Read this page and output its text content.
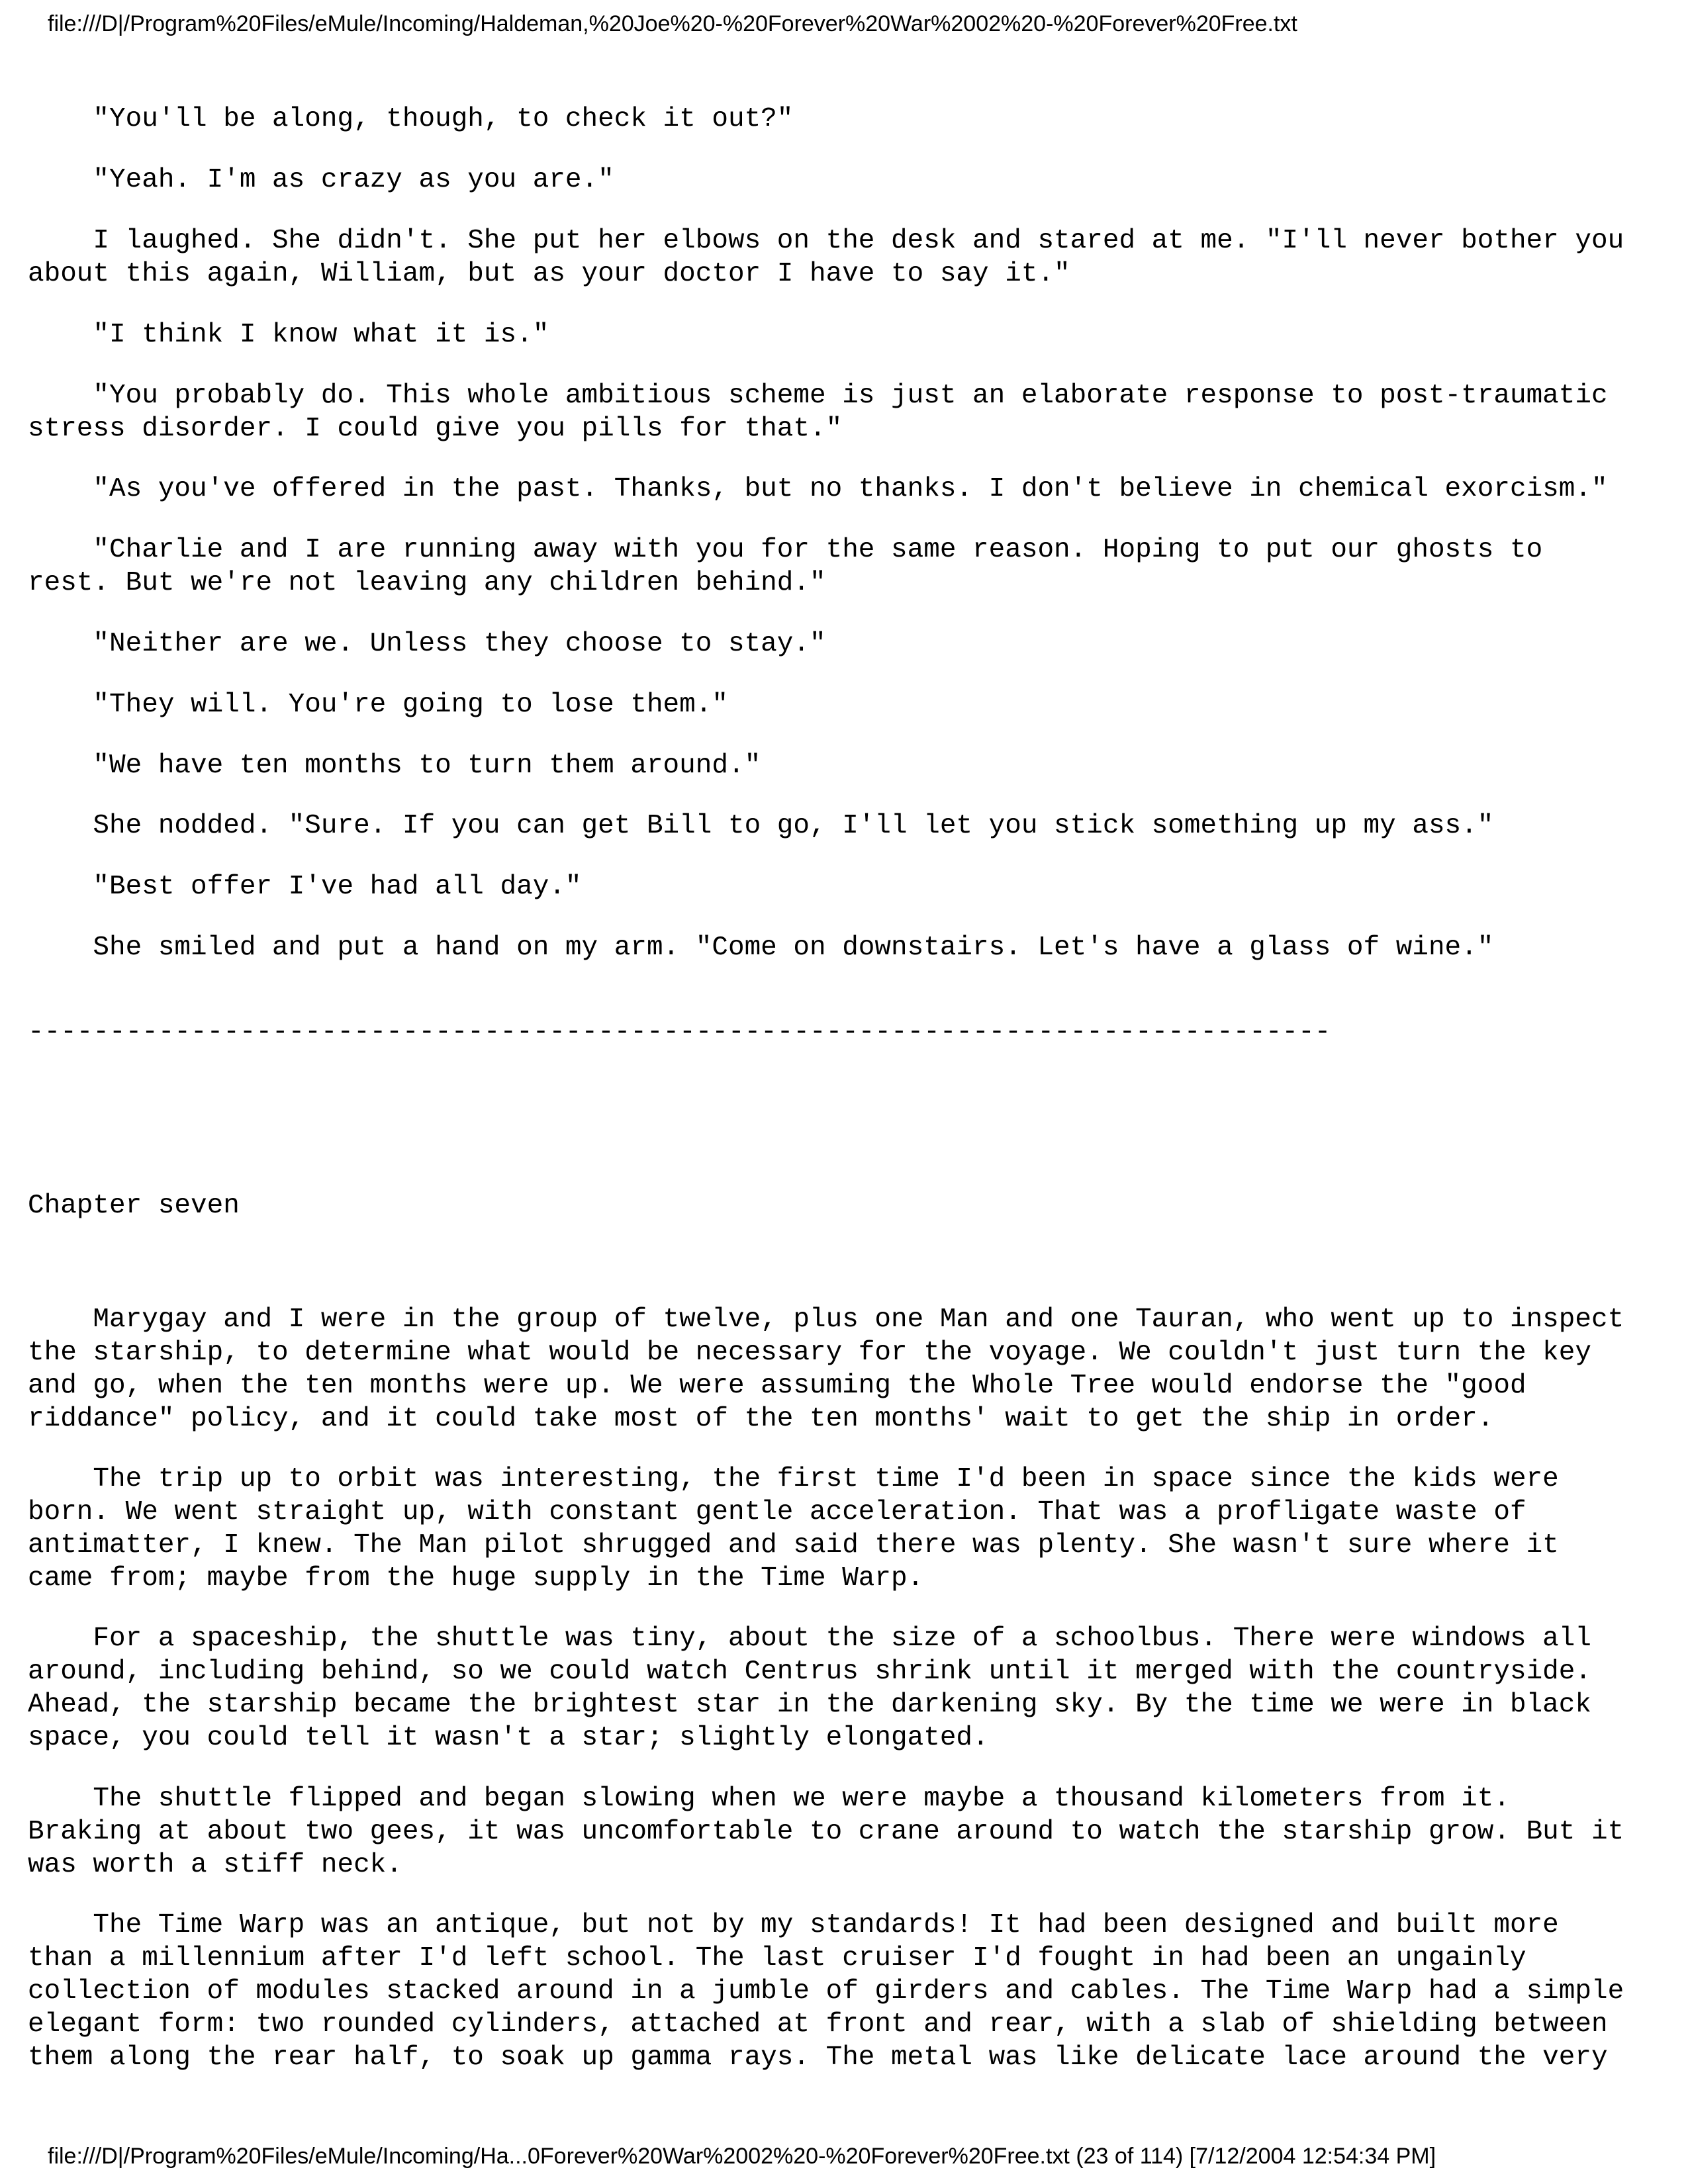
file:///D|/Program%20Files/eMule/Incoming/Haldeman,%20Joe%20-%20Forever%20War%2002%20-%20Forever%20Free.txt
"You'll be along, though, to check it out?"
"Yeah. I'm as crazy as you are."
I laughed. She didn't. She put her elbows on the desk and stared at me. "I'll never bother you
about this again, William, but as your doctor I have to say it."
"I think I know what it is."
"You probably do. This whole ambitious scheme is just an elaborate response to post-traumatic
stress disorder. I could give you pills for that."
"As you've offered in the past. Thanks, but no thanks. I don't believe in chemical exorcism."
"Charlie and I are running away with you for the same reason. Hoping to put our ghosts to
rest. But we're not leaving any children behind."
"Neither are we. Unless they choose to stay."
"They will. You're going to lose them."
"We have ten months to turn them around."
She nodded. "Sure. If you can get Bill to go, I'll let you stick something up my ass."
"Best offer I've had all day."
She smiled and put a hand on my arm. "Come on downstairs. Let's have a glass of wine."
--------------------------------------------------------------------------------
Chapter seven
Marygay and I were in the group of twelve, plus one Man and one Tauran, who went up to inspect
the starship, to determine what would be necessary for the voyage. We couldn't just turn the key
and go, when the ten months were up. We were assuming the Whole Tree would endorse the "good
riddance" policy, and it could take most of the ten months' wait to get the ship in order.
The trip up to orbit was interesting, the first time I'd been in space since the kids were
born. We went straight up, with constant gentle acceleration. That was a profligate waste of
antimatter, I knew. The Man pilot shrugged and said there was plenty. She wasn't sure where it
came from; maybe from the huge supply in the Time Warp.
For a spaceship, the shuttle was tiny, about the size of a schoolbus. There were windows all
around, including behind, so we could watch Centrus shrink until it merged with the countryside.
Ahead, the starship became the brightest star in the darkening sky. By the time we were in black
space, you could tell it wasn't a star; slightly elongated.
The shuttle flipped and began slowing when we were maybe a thousand kilometers from it.
Braking at about two gees, it was uncomfortable to crane around to watch the starship grow. But it
was worth a stiff neck.
The Time Warp was an antique, but not by my standards! It had been designed and built more
than a millennium after I'd left school. The last cruiser I'd fought in had been an ungainly
collection of modules stacked around in a jumble of girders and cables. The Time Warp had a simple
elegant form: two rounded cylinders, attached at front and rear, with a slab of shielding between
them along the rear half, to soak up gamma rays. The metal was like delicate lace around the very
file:///D|/Program%20Files/eMule/Incoming/Ha...0Forever%20War%2002%20-%20Forever%20Free.txt (23 of 114) [7/12/2004 12:54:34 PM]
